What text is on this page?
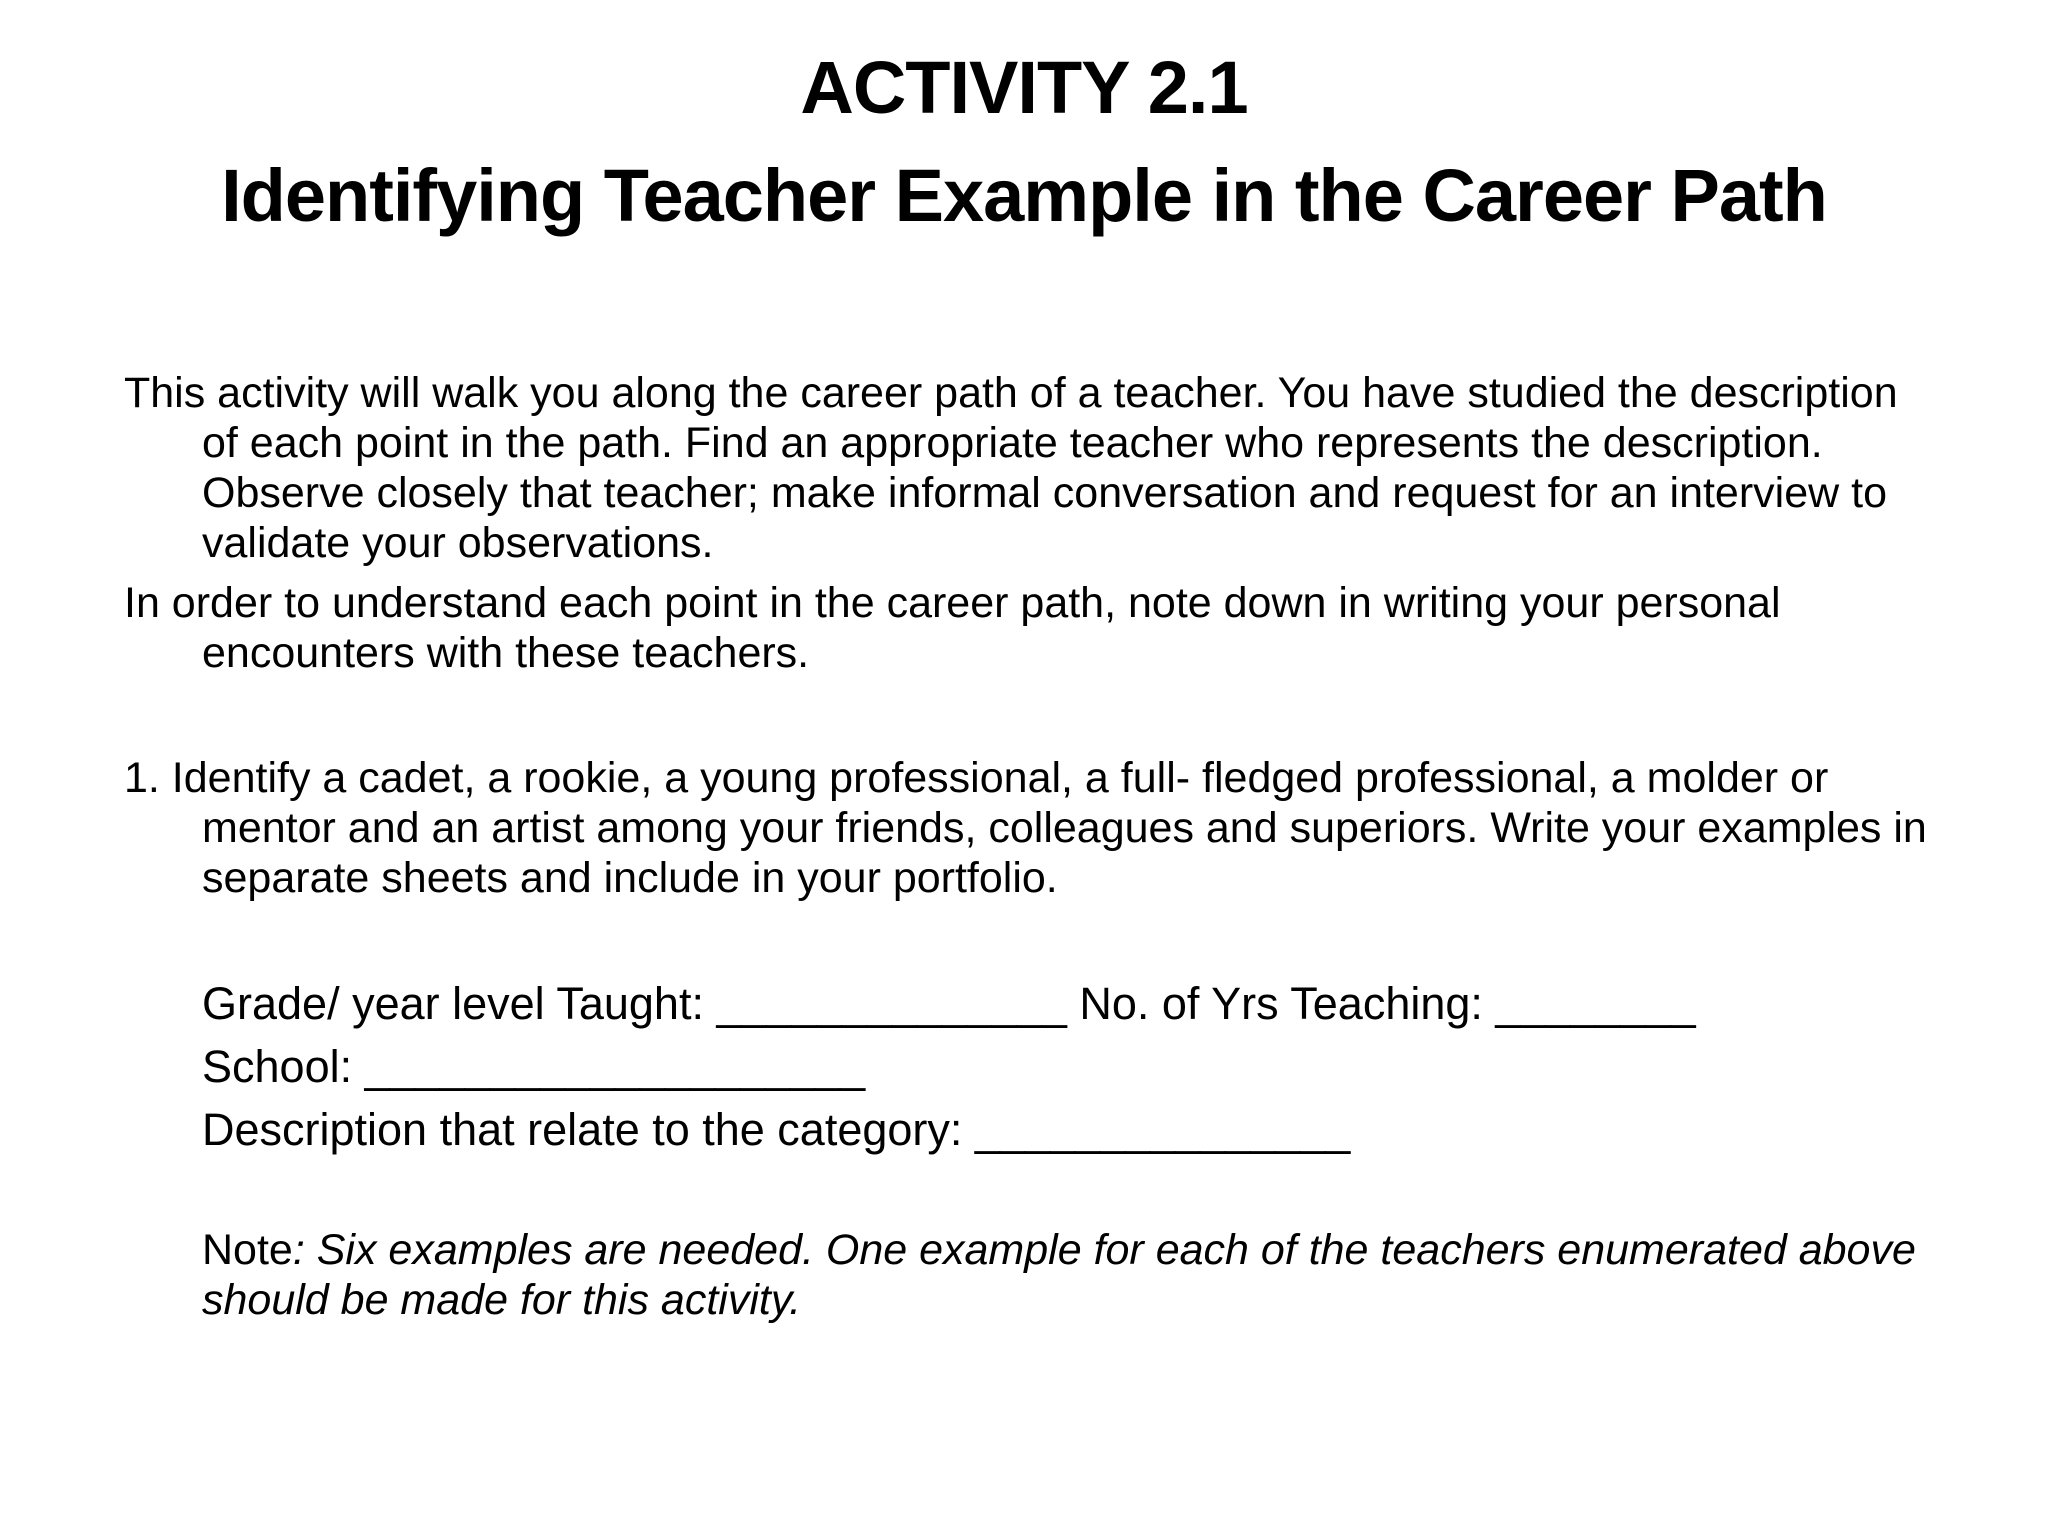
ACTIVITY 2.1
Identifying Teacher Example in the Career Path

This activity will walk you along the career path of a teacher. You have studied the description of each point in the path. Find an appropriate teacher who represents the description. Observe closely that teacher; make informal conversation and request for an interview to validate your observations.

In order to understand each point in the career path, note down in writing your personal encounters with these teachers.

1. Identify a cadet, a rookie, a young professional, a full- fledged professional, a molder or mentor and an artist among your friends, colleagues and superiors. Write your examples in separate sheets and include in your portfolio.

Grade/ year level Taught: ______________ No. of Yrs Teaching: ________
School: ____________________
Description that relate to the category: _______________
Note: Six examples are needed. One example for each of the teachers enumerated above should be made for this activity.
